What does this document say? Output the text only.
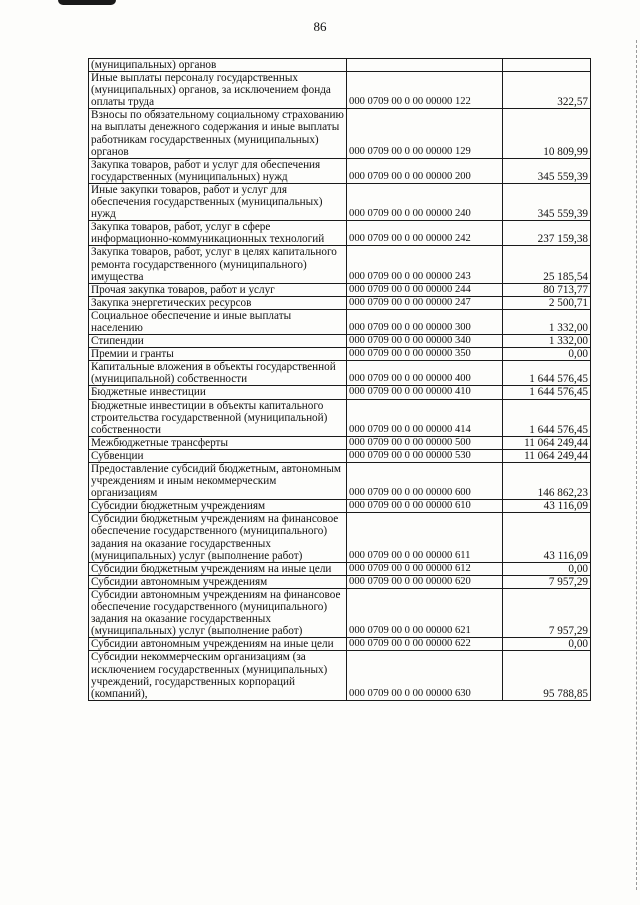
86
(муниципальных) органов		
Иные выплаты персоналу государственных (муниципальных) органов, за исключением фонда оплаты труда	000 0709 00 0 00 00000 122	322,57
Взносы по обязательному социальному страхованию на выплаты денежного содержания и иные выплаты работникам государственных (муниципальных) органов	000 0709 00 0 00 00000 129	10 809,99
Закупка товаров, работ и услуг для обеспечения государственных (муниципальных) нужд	000 0709 00 0 00 00000 200	345 559,39
Иные закупки товаров, работ и услуг для обеспечения государственных (муниципальных) нужд	000 0709 00 0 00 00000 240	345 559,39
Закупка товаров, работ, услуг в сфере информационно-коммуникационных технологий	000 0709 00 0 00 00000 242	237 159,38
Закупка товаров, работ, услуг в целях капитального ремонта государственного (муниципального) имущества	000 0709 00 0 00 00000 243	25 185,54
Прочая закупка товаров, работ и услуг	000 0709 00 0 00 00000 244	80 713,77
Закупка энергетических ресурсов	000 0709 00 0 00 00000 247	2 500,71
Социальное обеспечение и иные выплаты населению	000 0709 00 0 00 00000 300	1 332,00
Стипендии	000 0709 00 0 00 00000 340	1 332,00
Премии и гранты	000 0709 00 0 00 00000 350	0,00
Капитальные вложения в объекты государственной (муниципальной) собственности	000 0709 00 0 00 00000 400	1 644 576,45
Бюджетные инвестиции	000 0709 00 0 00 00000 410	1 644 576,45
Бюджетные инвестиции в объекты капитального строительства государственной (муниципальной) собственности	000 0709 00 0 00 00000 414	1 644 576,45
Межбюджетные трансферты	000 0709 00 0 00 00000 500	11 064 249,44
Субвенции	000 0709 00 0 00 00000 530	11 064 249,44
Предоставление субсидий бюджетным, автономным учреждениям и иным некоммерческим организациям	000 0709 00 0 00 00000 600	146 862,23
Субсидии бюджетным учреждениям	000 0709 00 0 00 00000 610	43 116,09
Субсидии бюджетным учреждениям на финансовое обеспечение государственного (муниципального) задания на оказание государственных (муниципальных) услуг (выполнение работ)	000 0709 00 0 00 00000 611	43 116,09
Субсидии бюджетным учреждениям на иные цели	000 0709 00 0 00 00000 612	0,00
Субсидии автономным учреждениям	000 0709 00 0 00 00000 620	7 957,29
Субсидии автономным учреждениям на финансовое обеспечение государственного (муниципального) задания на оказание государственных (муниципальных) услуг (выполнение работ)	000 0709 00 0 00 00000 621	7 957,29
Субсидии автономным учреждениям на иные цели	000 0709 00 0 00 00000 622	0,00
Субсидии некоммерческим организациям (за исключением государственных (муниципальных) учреждений, государственных корпораций (компаний),	000 0709 00 0 00 00000 630	95 788,85
